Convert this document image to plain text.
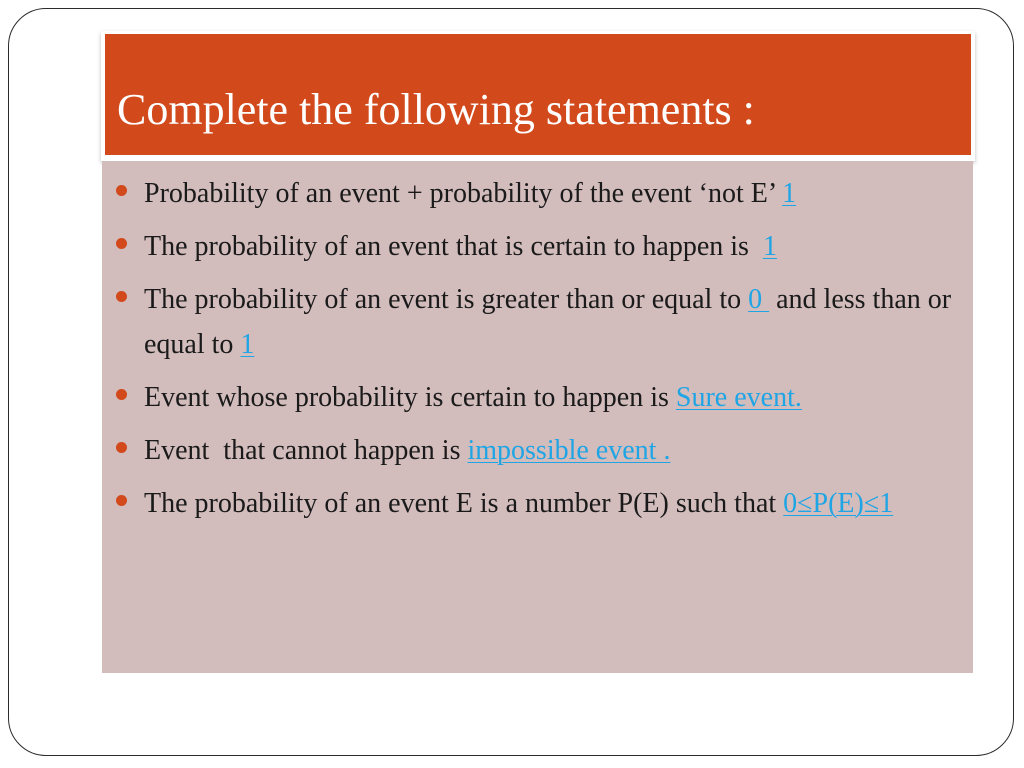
Complete the following statements :
Probability of an event + probability of the event ‘not E’ 1
The probability of an event that is certain to happen is  1
The probability of an event is greater than or equal to 0  and less than or equal to 1
Event whose probability is certain to happen is Sure event.
Event  that cannot happen is impossible event .
The probability of an event E is a number P(E) such that 0≤P(E)≤1
